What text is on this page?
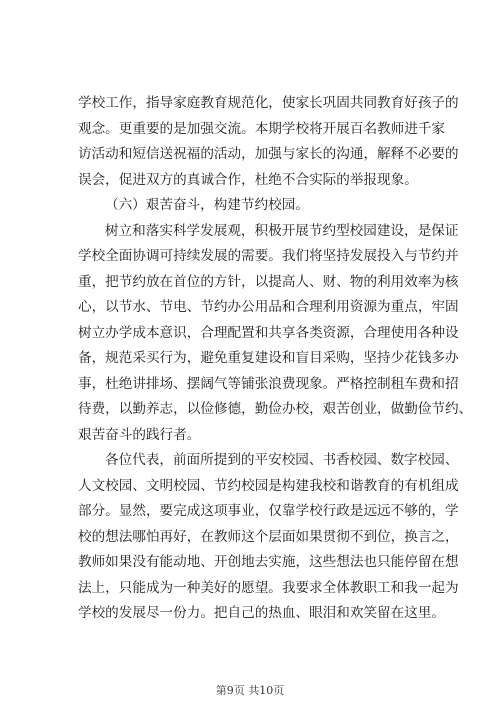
学校工作，指导家庭教育规范化，使家长巩固共同教育好孩子的
观念。更重要的是加强交流。本期学校将开展百名教师进千家
访活动和短信送祝福的活动，加强与家长的沟通，解释不必要的
误会，促进双方的真诚合作，杜绝不合实际的举报现象。
（六）艰苦奋斗，构建节约校园。
树立和落实科学发展观，积极开展节约型校园建设，是保证
学校全面协调可持续发展的需要。我们将坚持发展投入与节约并
重，把节约放在首位的方针，以提高人、财、物的利用效率为核
心，以节水、节电、节约办公用品和合理利用资源为重点，牢固
树立办学成本意识，合理配置和共享各类资源，合理使用各种设
备，规范采买行为，避免重复建设和盲目采购，坚持少花钱多办
事，杜绝讲排场、摆阔气等铺张浪费现象。严格控制租车费和招
待费，以勤养志，以俭修德，勤俭办校，艰苦创业，做勤俭节约、
艰苦奋斗的践行者。
各位代表，前面所提到的平安校园、书香校园、数字校园、
人文校园、文明校园、节约校园是构建我校和谐教育的有机组成
部分。显然，要完成这项事业，仅靠学校行政是远远不够的，学
校的想法哪怕再好，在教师这个层面如果贯彻不到位，换言之，
教师如果没有能动地、开创地去实施，这些想法也只能停留在想
法上，只能成为一种美好的愿望。我要求全体教职工和我一起为
学校的发展尽一份力。把自己的热血、眼泪和欢笑留在这里。
第9页 共10页
